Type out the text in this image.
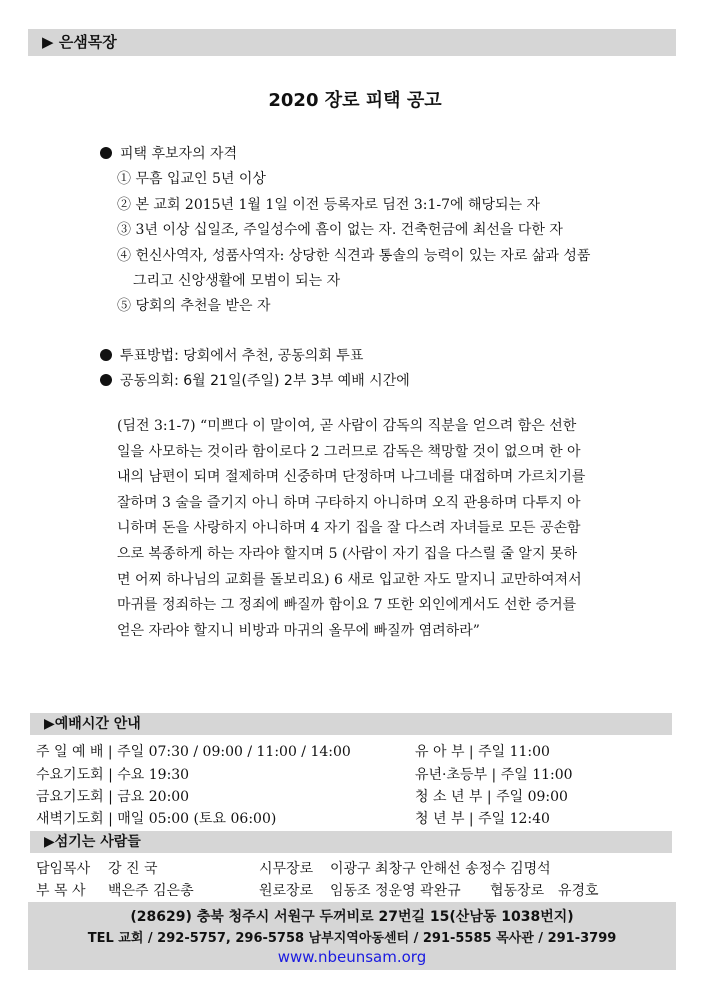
▶ 은샘목장
2020 장로 피택 공고
피택 후보자의 자격
① 무흠 입교인 5년 이상
② 본 교회 2015년 1월 1일 이전 등록자로 딤전 3:1-7에 해당되는 자
③ 3년 이상 십일조, 주일성수에 흠이 없는 자. 건축헌금에 최선을 다한 자
④ 헌신사역자, 성품사역자: 상당한 식견과 통솔의 능력이 있는 자로 삶과 성품
그리고 신앙생활에 모범이 되는 자
⑤ 당회의 추천을 받은 자
투표방법: 당회에서 추천, 공동의회 투표
공동의회: 6월 21일(주일) 2부 3부 예배 시간에
(딤전 3:1-7) “미쁘다 이 말이여, 곧 사람이 감독의 직분을 얻으려 함은 선한
일을 사모하는 것이라 함이로다 2 그러므로 감독은 책망할 것이 없으며 한 아
내의 남편이 되며 절제하며 신중하며 단정하며 나그네를 대접하며 가르치기를
잘하며 3 술을 즐기지 아니 하며 구타하지 아니하며 오직 관용하며 다투지 아
니하며 돈을 사랑하지 아니하며 4 자기 집을 잘 다스려 자녀들로 모든 공손함
으로 복종하게 하는 자라야 할지며 5 (사람이 자기 집을 다스릴 줄 알지 못하
면 어찌 하나님의 교회를 돌보리요) 6 새로 입교한 자도 말지니 교만하여져서
마귀를 정죄하는 그 정죄에 빠질까 함이요 7 또한 외인에게서도 선한 증거를
얻은 자라야 할지니 비방과 마귀의 올무에 빠질까 염려하라”
▶예배시간 안내
주 일 예 배 | 주일 07:30 / 09:00 / 11:00 / 14:00
수요기도회 | 수요 19:30
금요기도회 | 금요 20:00
새벽기도회 | 매일 05:00 (토요 06:00)
유 아 부 | 주일 11:00
유년·초등부 | 주일 11:00
청 소 년 부 | 주일 09:00
청 년 부 | 주일 12:40
▶섬기는 사람들
담임목사 강 진 국	시무장로 이광구 최창구 안해선 송정수 김명석
부 목 사 백은주 김은총	원로장로 임동조 정운영 곽완규 협동장로 유경호
(28629) 충북 청주시 서원구 두꺼비로 27번길 15(산남동 1038번지)
TEL 교회 / 292-5757, 296-5758 남부지역아동센터 / 291-5585 목사관 / 291-3799
www.nbeunsam.org
